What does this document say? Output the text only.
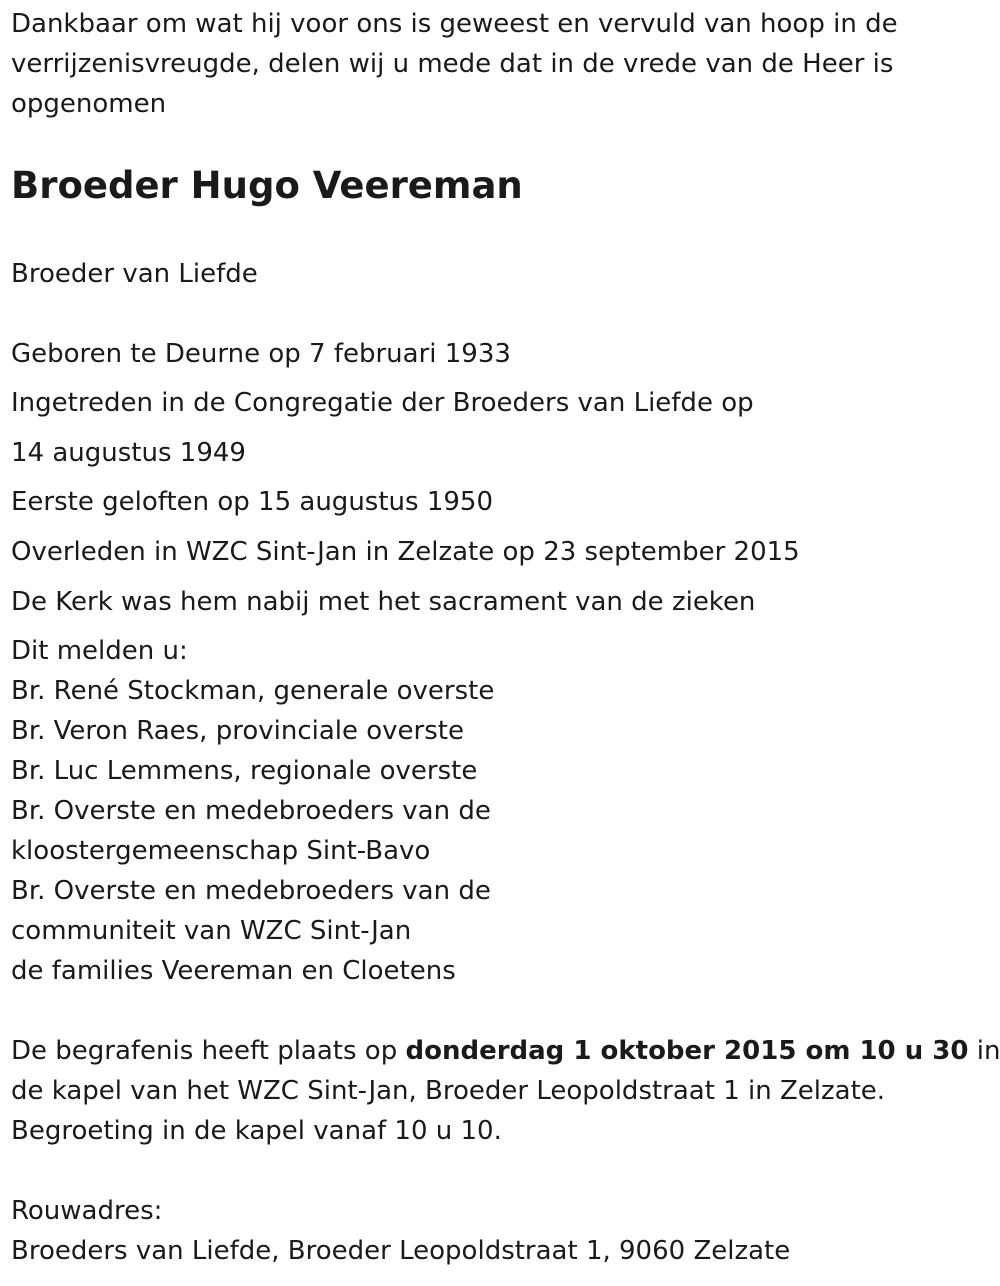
Dankbaar om wat hij voor ons is geweest en vervuld van hoop in de verrijzenisvreugde, delen wij u mede dat in de vrede van de Heer is opgenomen
Broeder Hugo Veereman
Broeder van Liefde
Geboren te Deurne op 7 februari 1933
Ingetreden in de Congregatie der Broeders van Liefde op
14 augustus 1949
Eerste geloften op 15 augustus 1950
Overleden in WZC Sint-Jan in Zelzate op 23 september 2015
De Kerk was hem nabij met het sacrament van de zieken
Dit melden u:
Br. René Stockman, generale overste
Br. Veron Raes, provinciale overste
Br. Luc Lemmens, regionale overste
Br. Overste en medebroeders van de
kloostergemeenschap Sint-Bavo
Br. Overste en medebroeders van de
communiteit van WZC Sint-Jan
de families Veereman en Cloetens
De begrafenis heeft plaats op donderdag 1 oktober 2015 om 10 u 30 in
de kapel van het WZC Sint-Jan, Broeder Leopoldstraat 1 in Zelzate.
Begroeting in de kapel vanaf 10 u 10.
Rouwadres:
Broeders van Liefde, Broeder Leopoldstraat 1, 9060 Zelzate
